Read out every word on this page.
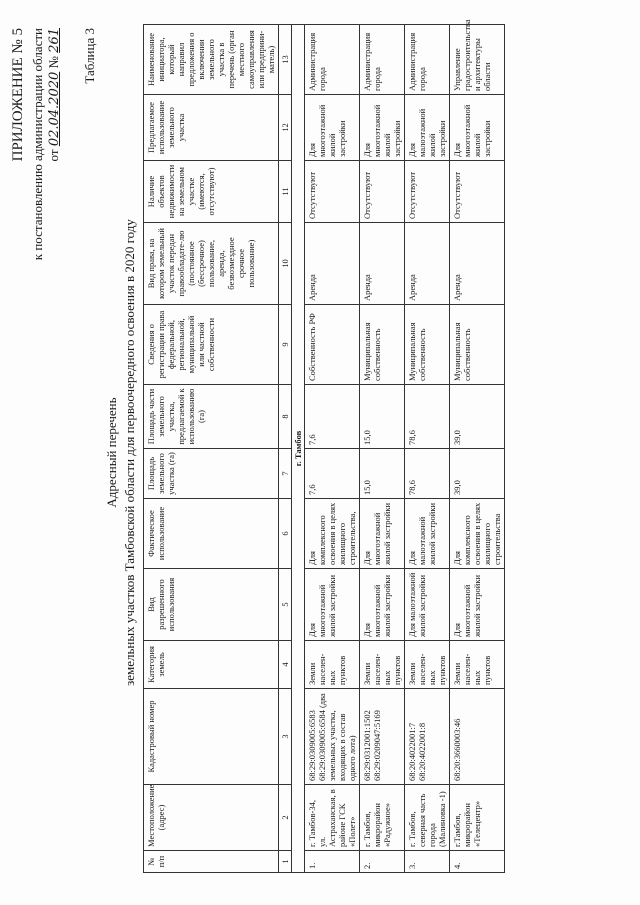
ПРИЛОЖЕНИЕ № 5 к постановлению администрации области от 02.04.2020 № 261 Таблица 3
Адресный перечень земельных участков Тамбовской области для первоочередного освоения в 2020 году
№ п/п	Местоположение (адрес)	Кадастровый номер	Категория земель	Вид разрешенного использования	Фактическое использование	Площадь земельного участка (га)	Площадь части земельного участка, предлагаемой к использованию (га)	Сведения о регистрации права федеральной, региональной, муниципальной или частной собственности	Вид права, на котором земельный участок передан правообладате-лю (постоянное (бессрочное) пользование, аренда, безвозмездное срочное пользование)	Наличие объектов недвижимости на земельном участке (имеются, отсутствуют)	Предлагаемое использование земельного участка	Наименование инициатора, который направил предложения о включении земельного участка в перечень (орган местного самоуправления или предприни-матель)
1	2	3	4	5	6	7	8	9	10	11	12	13
г. Тамбов												
1.	г. Тамбов-34, ул. Астраханская, в районе ГСК «Полет»	68:29:0309005:6583 68:29:0309005:6584 (два земельных участка, входящих в состав одного лота)	Земли населен-ных пунктов	Для многоэтажной жилой застройки	Для комплексного освоения в целях жилищного строительства,	7,6	7,6	Собственность РФ	Аренда	Отсутствуют	Для многоэтажной жилой застройки	Администрация города
2.	г. Тамбов, микрорайон «Радужное»	68:29:0312001:1502 68:29:0209047:5169	Земли населен-ных пунктов	Для многоэтажной жилой застройки	Для многоэтажной жилой застройки	15,0	15,0	Муниципальная собственность	Аренда	Отсутствуют	Для многоэтажной жилой застройки	Администрация города
3.	г. Тамбов, северная часть города (Малиновка -1)	68:20:4022001:7 68:20:4022001:8	Земли населен-ных пунктов	Для малоэтажной жилой застройки	Для малоэтажной жилой застройки	78,6	78,6	Муниципальная собственность	Аренда	Отсутствуют	Для малоэтажной жилой застройки	Администрация города
4.	г.Тамбов, микрорайон «Телецентр»	68:20:3660003:46	Земли населен-ных пунктов	Для многоэтажной жилой застройки	Для комплексного освоения в целях жилищного строительства	39,0	39,0	Муниципальная собственность	Аренда	Отсутствуют	Для многоэтажной жилой застройки	Управление градостроительства и архитектуры области
